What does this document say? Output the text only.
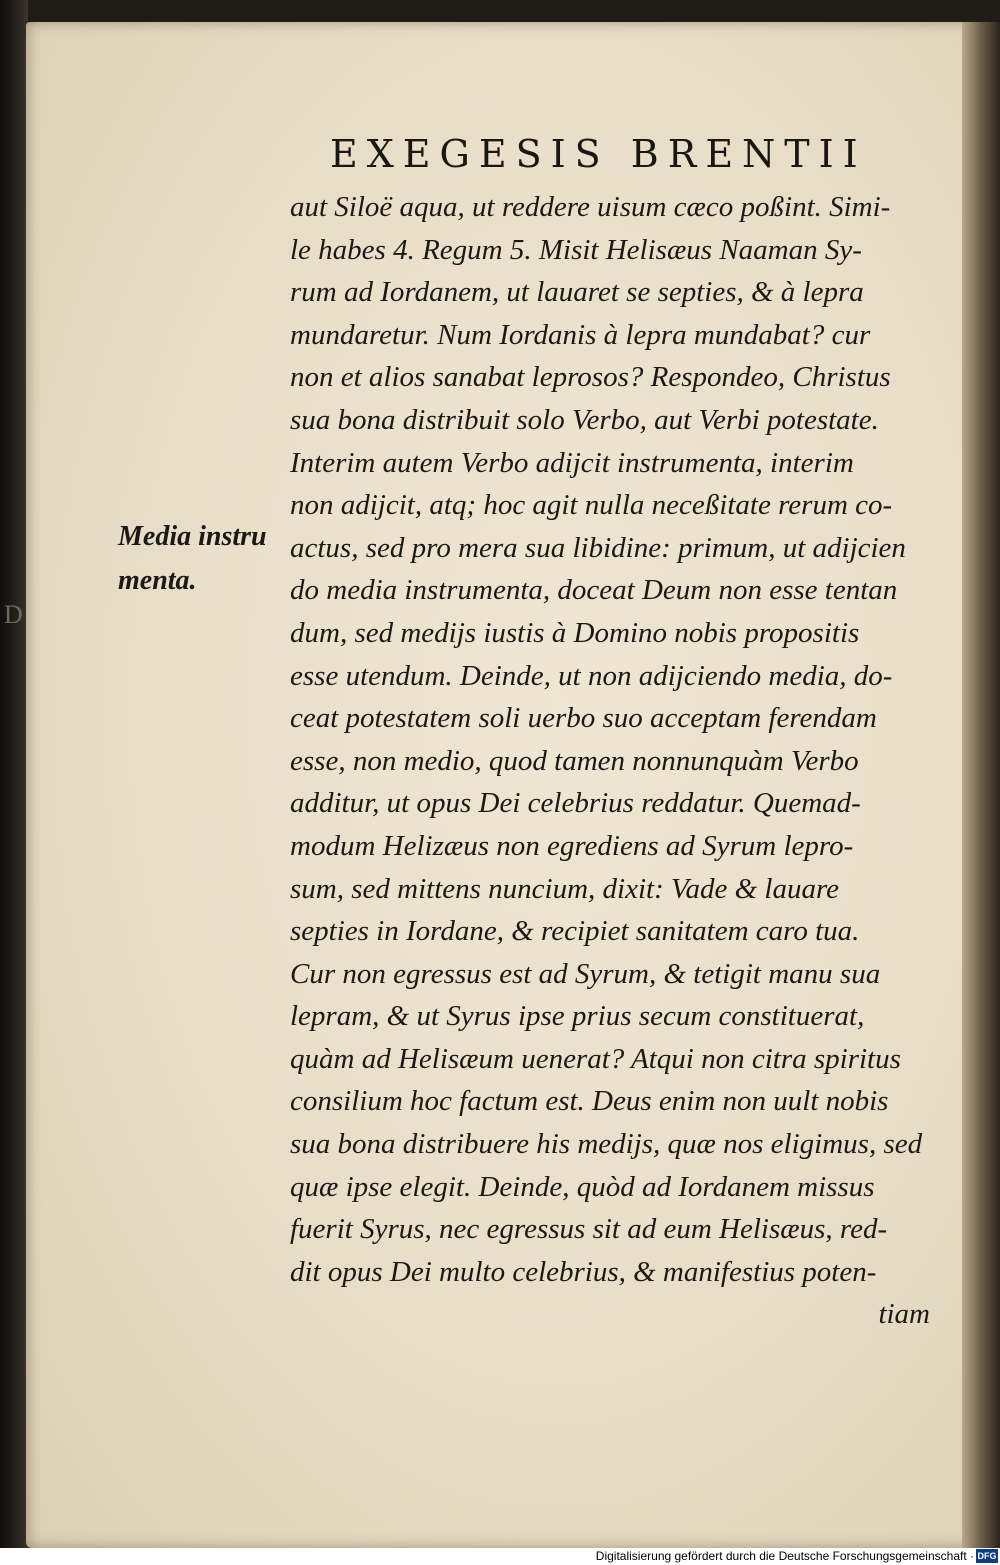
D
EXEGESIS BRENTII
Media instru
menta.
aut Siloë aqua, ut reddere uisum cæco poßint. Simi-
le habes 4. Regum 5. Misit Helisæus Naaman Sy-
rum ad Iordanem, ut lauaret se septies, & à lepra
mundaretur. Num Iordanis à lepra mundabat? cur
non et alios sanabat leprosos? Respondeo, Christus
sua bona distribuit solo Verbo, aut Verbi potestate.
Interim autem Verbo adijcit instrumenta, interim
non adijcit, atq; hoc agit nulla neceßitate rerum co-
actus, sed pro mera sua libidine: primum, ut adijcien
do media instrumenta, doceat Deum non esse tentan
dum, sed medijs iustis à Domino nobis propositis
esse utendum. Deinde, ut non adijciendo media, do-
ceat potestatem soli uerbo suo acceptam ferendam
esse, non medio, quod tamen nonnunquàm Verbo
additur, ut opus Dei celebrius reddatur. Quemad-
modum Helizæus non egrediens ad Syrum lepro-
sum, sed mittens nuncium, dixit: Vade & lauare
septies in Iordane, & recipiet sanitatem caro tua.
Cur non egressus est ad Syrum, & tetigit manu sua
lepram, & ut Syrus ipse prius secum constituerat,
quàm ad Helisæum uenerat? Atqui non citra spiritus
consilium hoc factum est. Deus enim non uult nobis
sua bona distribuere his medijs, quæ nos eligimus, sed
quæ ipse elegit. Deinde, quòd ad Iordanem missus
fuerit Syrus, nec egressus sit ad eum Helisæus, red-
dit opus Dei multo celebrius, & manifestius poten-
tiam
Digitalisierung gefördert durch die Deutsche Forschungsgemeinschaft · DFG
